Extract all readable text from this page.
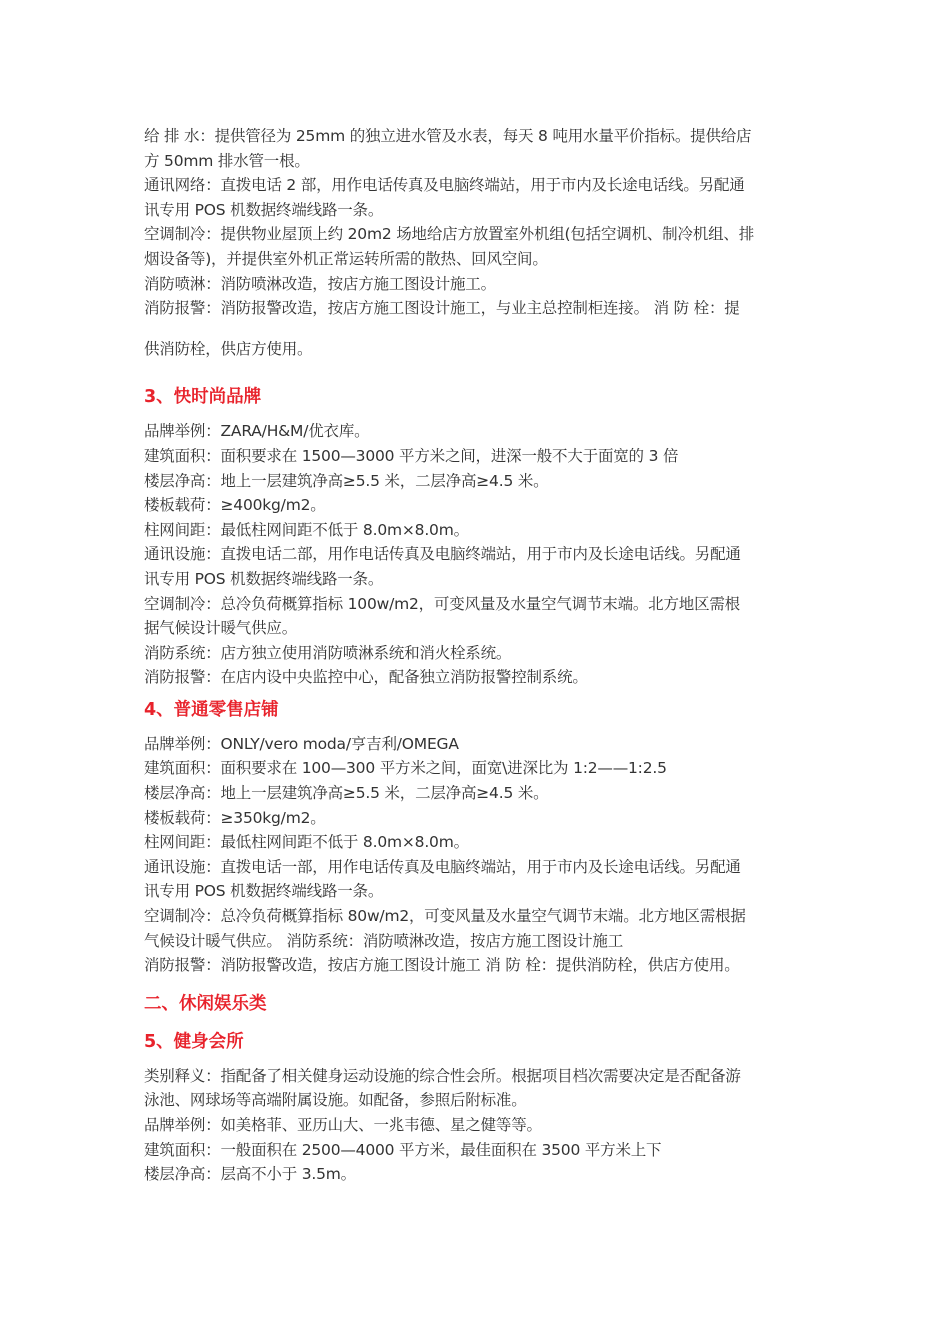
给 排 水：提供管径为 25mm 的独立进水管及水表，每天 8 吨用水量平价指标。提供给店
方 50mm 排水管一根。
通讯网络：直拨电话 2 部，用作电话传真及电脑终端站，用于市内及长途电话线。另配通
讯专用 POS 机数据终端线路一条。
空调制冷：提供物业屋顶上约 20m2 场地给店方放置室外机组(包括空调机、制冷机组、排
烟设备等)，并提供室外机正常运转所需的散热、回风空间。
消防喷淋：消防喷淋改造，按店方施工图设计施工。
消防报警：消防报警改造，按店方施工图设计施工，与业主总控制柜连接。 消 防 栓：提
供消防栓，供店方使用。
3、快时尚品牌
品牌举例：ZARA/H&M/优衣库。
建筑面积：面积要求在 1500—3000 平方米之间，进深一般不大于面宽的 3 倍
楼层净高：地上一层建筑净高≥5.5 米，二层净高≥4.5 米。
楼板载荷：≥400kg/m2。
柱网间距：最低柱网间距不低于 8.0m×8.0m。
通讯设施：直拨电话二部，用作电话传真及电脑终端站，用于市内及长途电话线。另配通
讯专用 POS 机数据终端线路一条。
空调制冷：总冷负荷概算指标 100w/m2，可变风量及水量空气调节末端。北方地区需根
据气候设计暖气供应。
消防系统：店方独立使用消防喷淋系统和消火栓系统。
消防报警：在店内设中央监控中心，配备独立消防报警控制系统。
4、普通零售店铺
品牌举例：ONLY/vero moda/亨吉利/OMEGA
建筑面积：面积要求在 100—300 平方米之间，面宽\进深比为 1:2——1:2.5
楼层净高：地上一层建筑净高≥5.5 米，二层净高≥4.5 米。
楼板载荷：≥350kg/m2。
柱网间距：最低柱网间距不低于 8.0m×8.0m。
通讯设施：直拨电话一部，用作电话传真及电脑终端站，用于市内及长途电话线。另配通
讯专用 POS 机数据终端线路一条。
空调制冷：总冷负荷概算指标 80w/m2，可变风量及水量空气调节末端。北方地区需根据
气候设计暖气供应。 消防系统：消防喷淋改造，按店方施工图设计施工
消防报警：消防报警改造，按店方施工图设计施工 消 防 栓：提供消防栓，供店方使用。
二、休闲娱乐类
5、健身会所
类别释义：指配备了相关健身运动设施的综合性会所。根据项目档次需要决定是否配备游
泳池、网球场等高端附属设施。如配备，参照后附标准。
品牌举例：如美格菲、亚历山大、一兆韦德、星之健等等。
建筑面积：一般面积在 2500—4000 平方米，最佳面积在 3500 平方米上下
楼层净高：层高不小于 3.5m。
